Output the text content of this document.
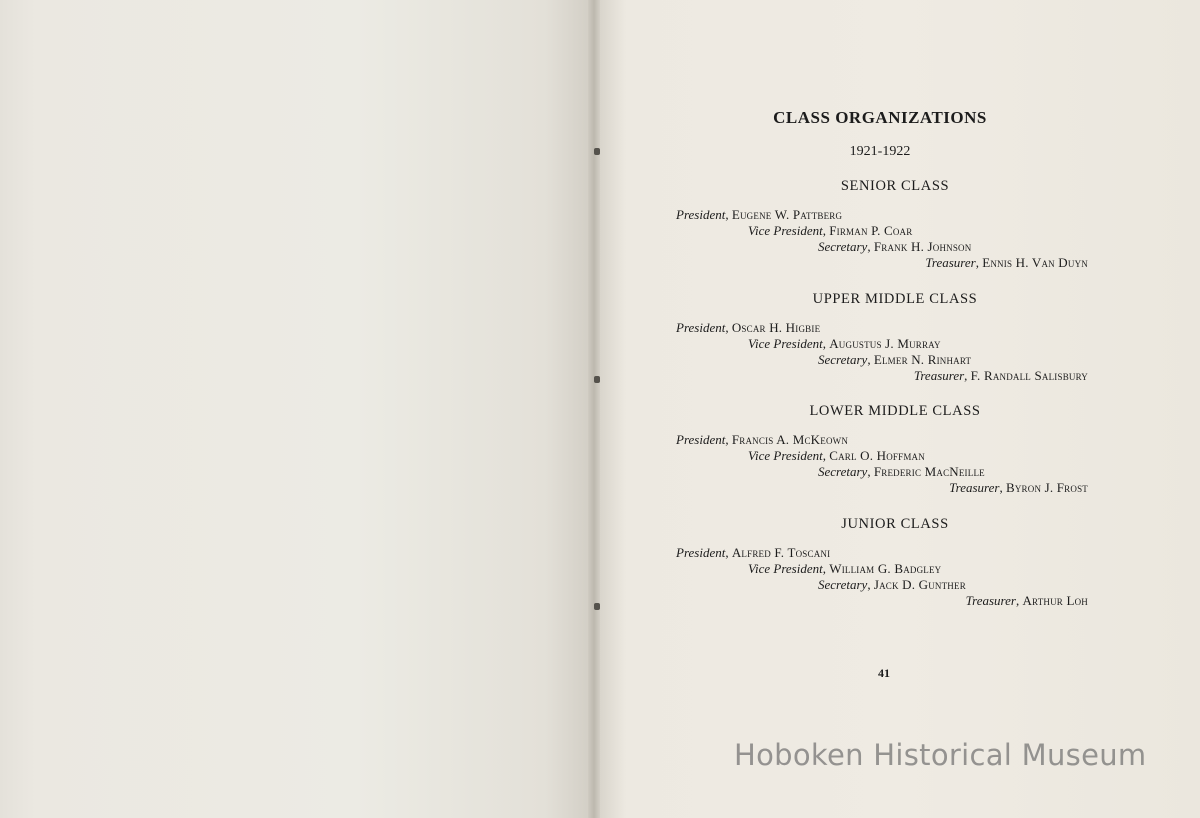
CLASS ORGANIZATIONS
1921-1922
SENIOR CLASS
President, Eugene W. Pattberg
Vice President, Firman P. Coar
Secretary, Frank H. Johnson
Treasurer, Ennis H. Van Duyn
UPPER MIDDLE CLASS
President, Oscar H. Higbie
Vice President, Augustus J. Murray
Secretary, Elmer N. Rinhart
Treasurer, F. Randall Salisbury
LOWER MIDDLE CLASS
President, Francis A. McKeown
Vice President, Carl O. Hoffman
Secretary, Frederic MacNeille
Treasurer, Byron J. Frost
JUNIOR CLASS
President, Alfred F. Toscani
Vice President, William G. Badgley
Secretary, Jack D. Gunther
Treasurer, Arthur Loh
41
Hoboken Historical Museum
